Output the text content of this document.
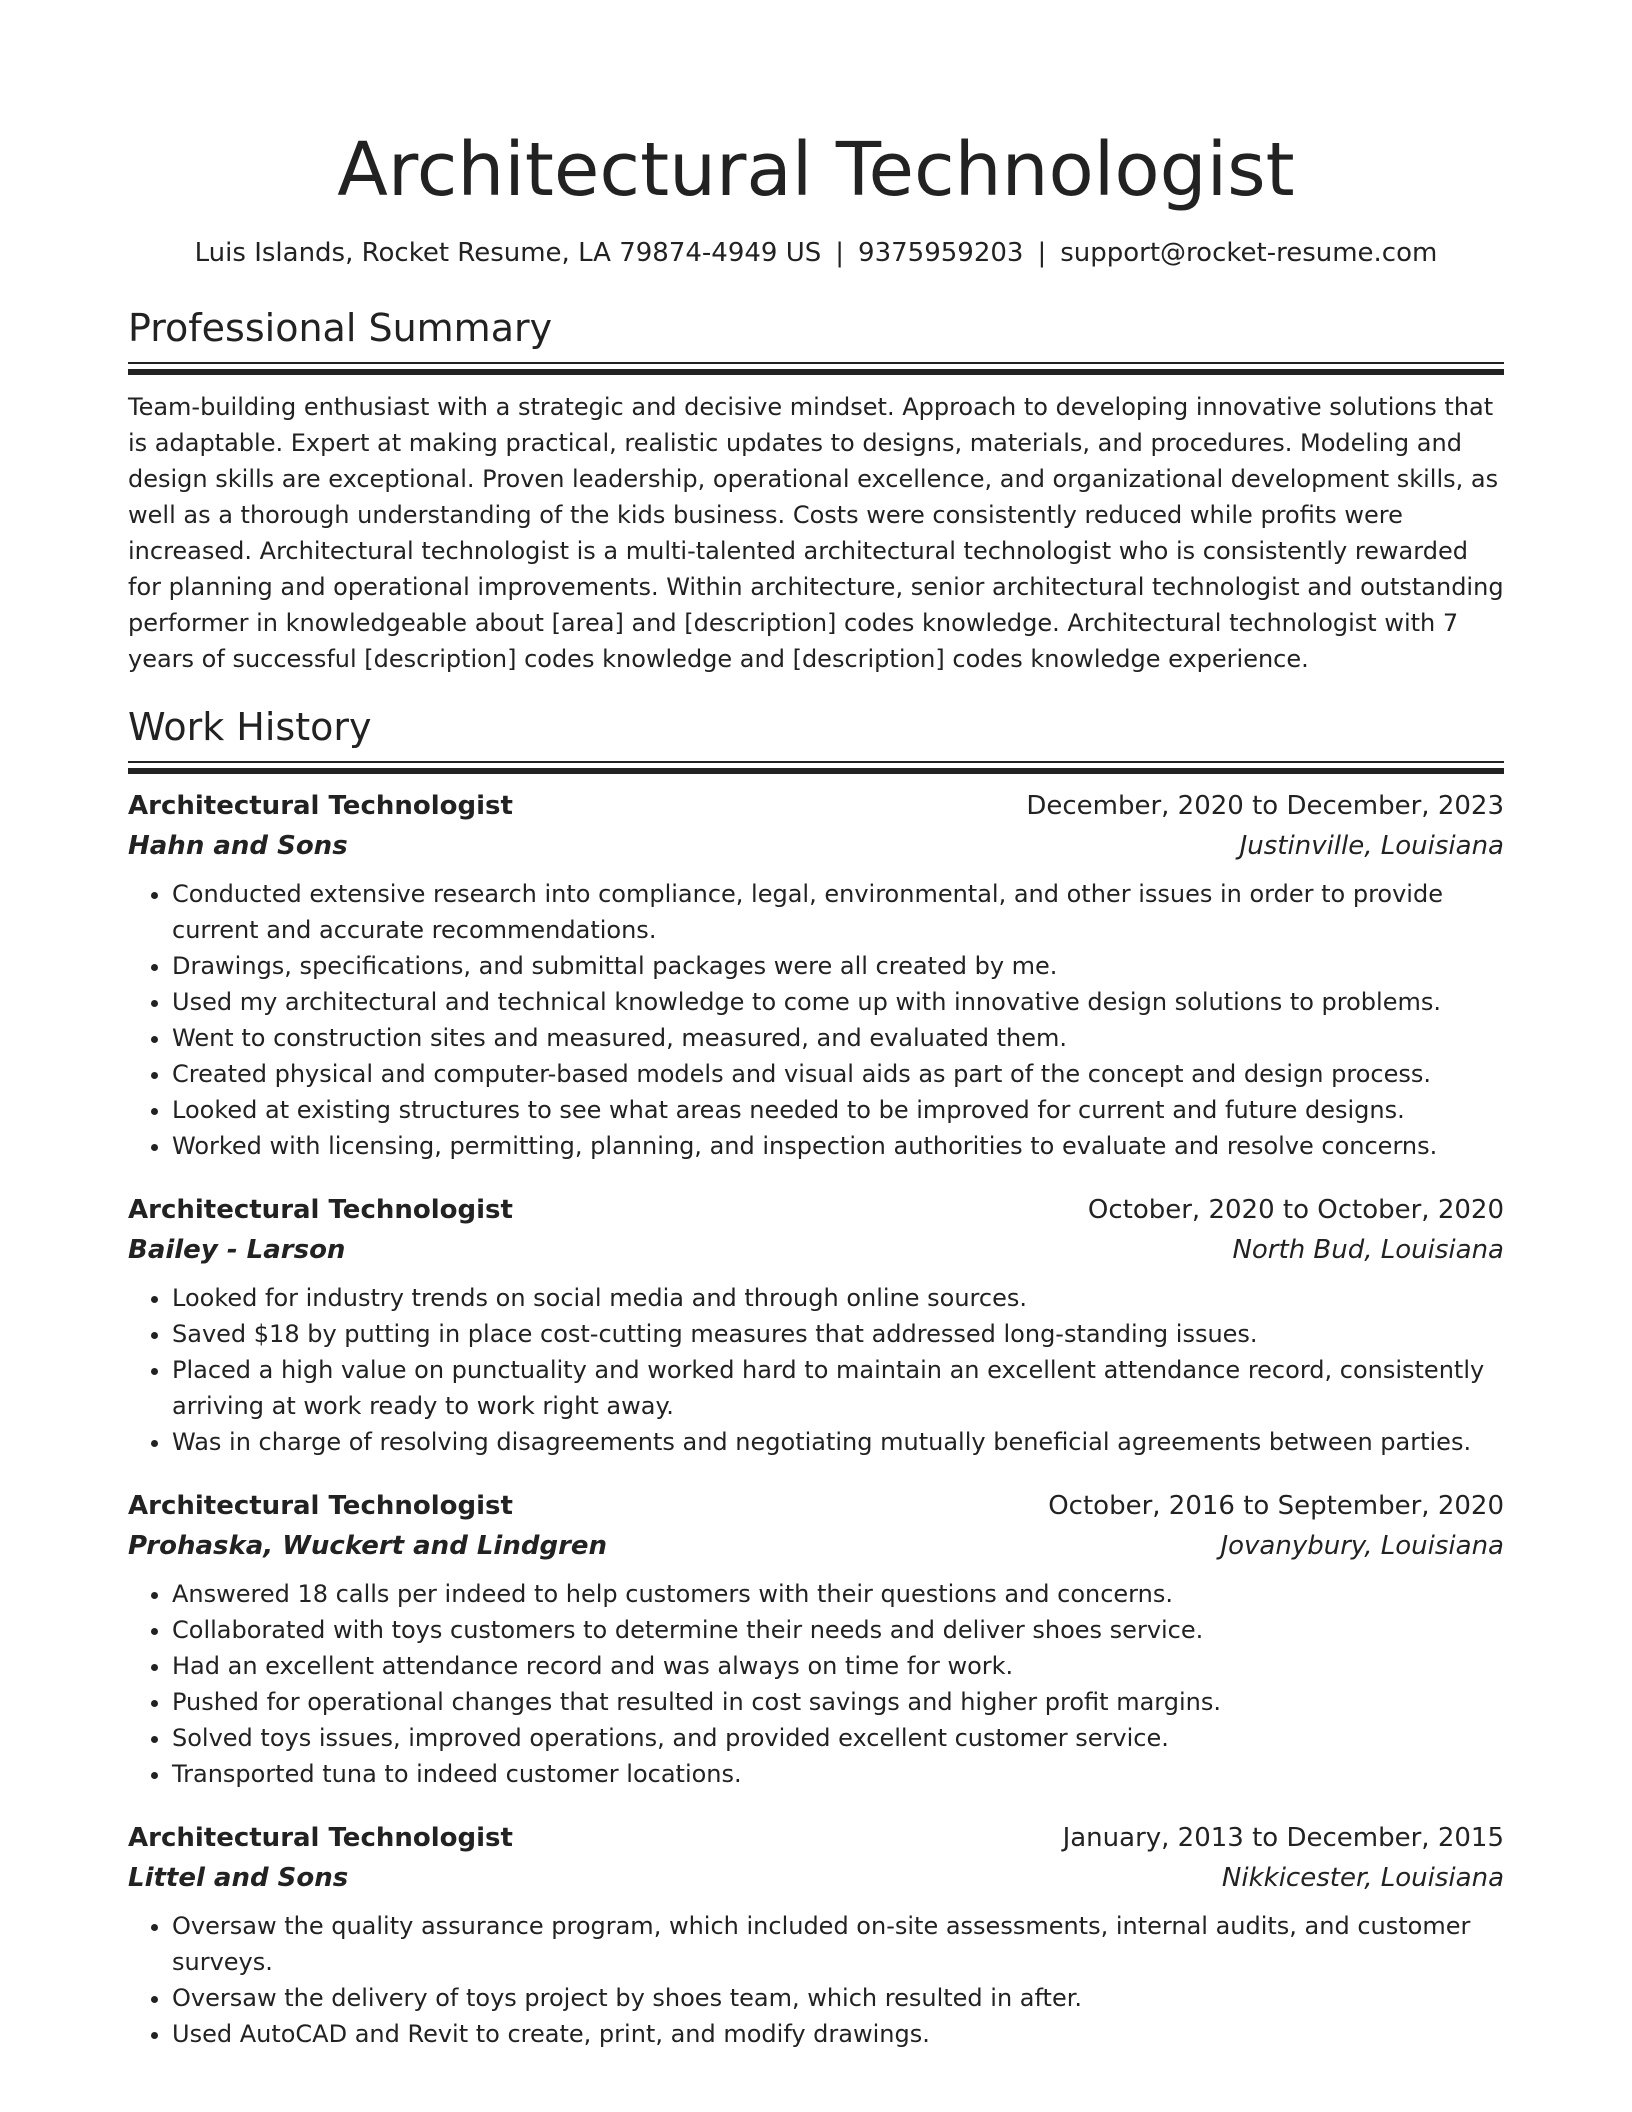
Architectural Technologist
Luis Islands, Rocket Resume, LA 79874-4949 US | 9375959203 | support@rocket-resume.com
Professional Summary

Team-building enthusiast with a strategic and decisive mindset. Approach to developing innovative solutions that is adaptable. Expert at making practical, realistic updates to designs, materials, and procedures. Modeling and design skills are exceptional. Proven leadership, operational excellence, and organizational development skills, as well as a thorough understanding of the kids business. Costs were consistently reduced while profits were increased. Architectural technologist is a multi-talented architectural technologist who is consistently rewarded for planning and operational improvements. Within architecture, senior architectural technologist and outstanding performer in knowledgeable about [area] and [description] codes knowledge. Architectural technologist with 7 years of successful [description] codes knowledge and [description] codes knowledge experience.

Work History
Architectural Technologist	December, 2020 to December, 2023
Hahn and Sons	Justinville, Louisiana
• Conducted extensive research into compliance, legal, environmental, and other issues in order to provide current and accurate recommendations.
• Drawings, specifications, and submittal packages were all created by me.
• Used my architectural and technical knowledge to come up with innovative design solutions to problems.
• Went to construction sites and measured, measured, and evaluated them.
• Created physical and computer-based models and visual aids as part of the concept and design process.
• Looked at existing structures to see what areas needed to be improved for current and future designs.
• Worked with licensing, permitting, planning, and inspection authorities to evaluate and resolve concerns.
Architectural Technologist	October, 2020 to October, 2020
Bailey - Larson	North Bud, Louisiana
• Looked for industry trends on social media and through online sources.
• Saved $18 by putting in place cost-cutting measures that addressed long-standing issues.
• Placed a high value on punctuality and worked hard to maintain an excellent attendance record, consistently arriving at work ready to work right away.
• Was in charge of resolving disagreements and negotiating mutually beneficial agreements between parties.
Architectural Technologist	October, 2016 to September, 2020
Prohaska, Wuckert and Lindgren	Jovanybury, Louisiana
• Answered 18 calls per indeed to help customers with their questions and concerns.
• Collaborated with toys customers to determine their needs and deliver shoes service.
• Had an excellent attendance record and was always on time for work.
• Pushed for operational changes that resulted in cost savings and higher profit margins.
• Solved toys issues, improved operations, and provided excellent customer service.
• Transported tuna to indeed customer locations.
Architectural Technologist	January, 2013 to December, 2015
Littel and Sons	Nikkicester, Louisiana
• Oversaw the quality assurance program, which included on-site assessments, internal audits, and customer surveys.
• Oversaw the delivery of toys project by shoes team, which resulted in after.
• Used AutoCAD and Revit to create, print, and modify drawings.
